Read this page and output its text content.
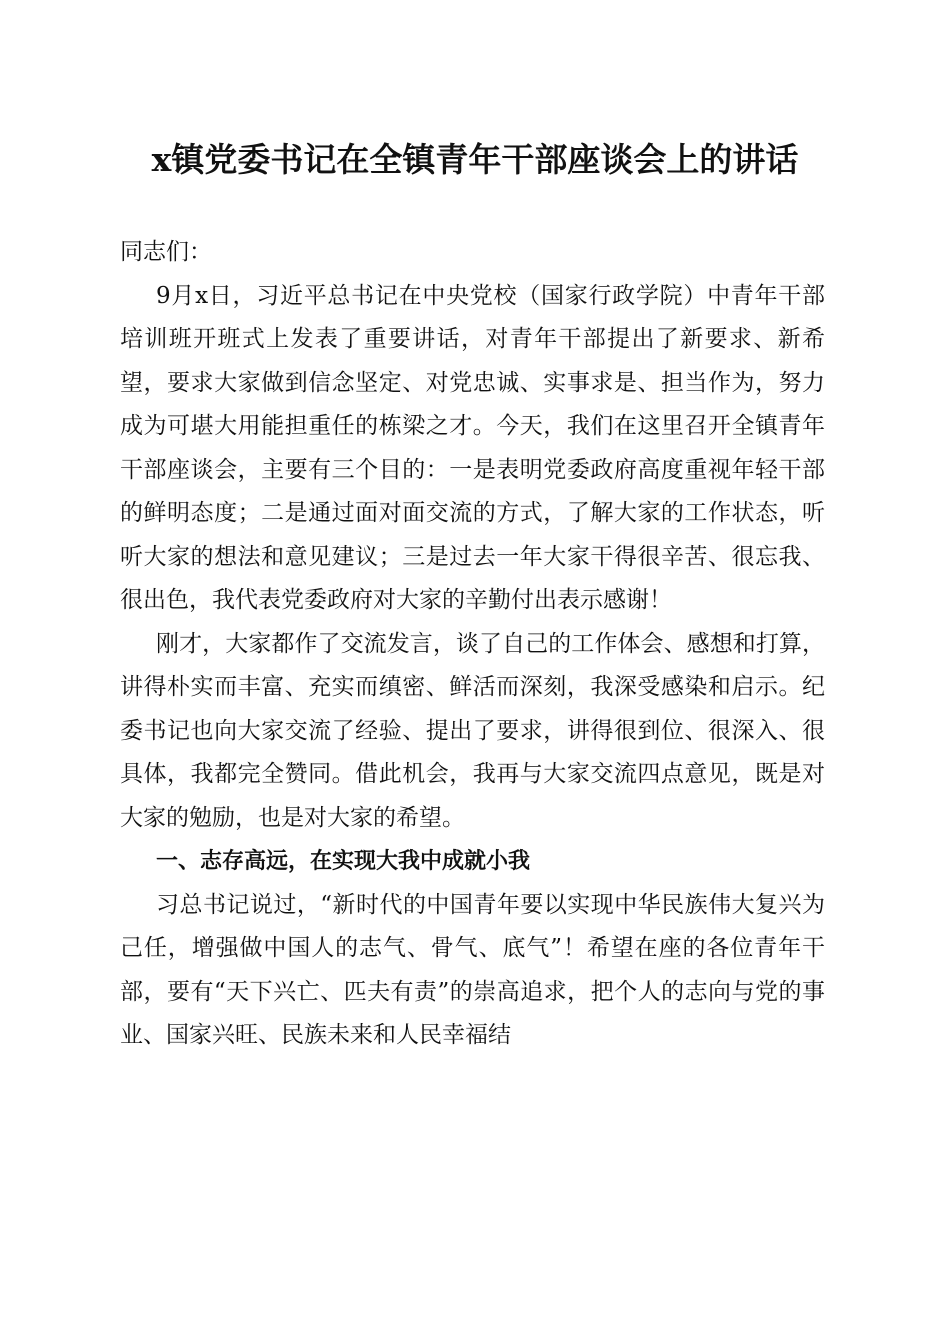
x镇党委书记在全镇青年干部座谈会上的讲话

同志们：

9月x日，习近平总书记在中央党校（国家行政学院）中青年干部培训班开班式上发表了重要讲话，对青年干部提出了新要求、新希望，要求大家做到信念坚定、对党忠诚、实事求是、担当作为，努力成为可堪大用能担重任的栋梁之才。今天，我们在这里召开全镇青年干部座谈会，主要有三个目的：一是表明党委政府高度重视年轻干部的鲜明态度；二是通过面对面交流的方式，了解大家的工作状态，听听大家的想法和意见建议；三是过去一年大家干得很辛苦、很忘我、很出色，我代表党委政府对大家的辛勤付出表示感谢！

刚才，大家都作了交流发言，谈了自己的工作体会、感想和打算，讲得朴实而丰富、充实而缜密、鲜活而深刻，我深受感染和启示。纪委书记也向大家交流了经验、提出了要求，讲得很到位、很深入、很具体，我都完全赞同。借此机会，我再与大家交流四点意见，既是对大家的勉励，也是对大家的希望。

一、志存高远，在实现大我中成就小我

习总书记说过，“新时代的中国青年要以实现中华民族伟大复兴为己任，增强做中国人的志气、骨气、底气”！希望在座的各位青年干部，要有“天下兴亡、匹夫有责”的崇高追求，把个人的志向与党的事业、国家兴旺、民族未来和人民幸福结
